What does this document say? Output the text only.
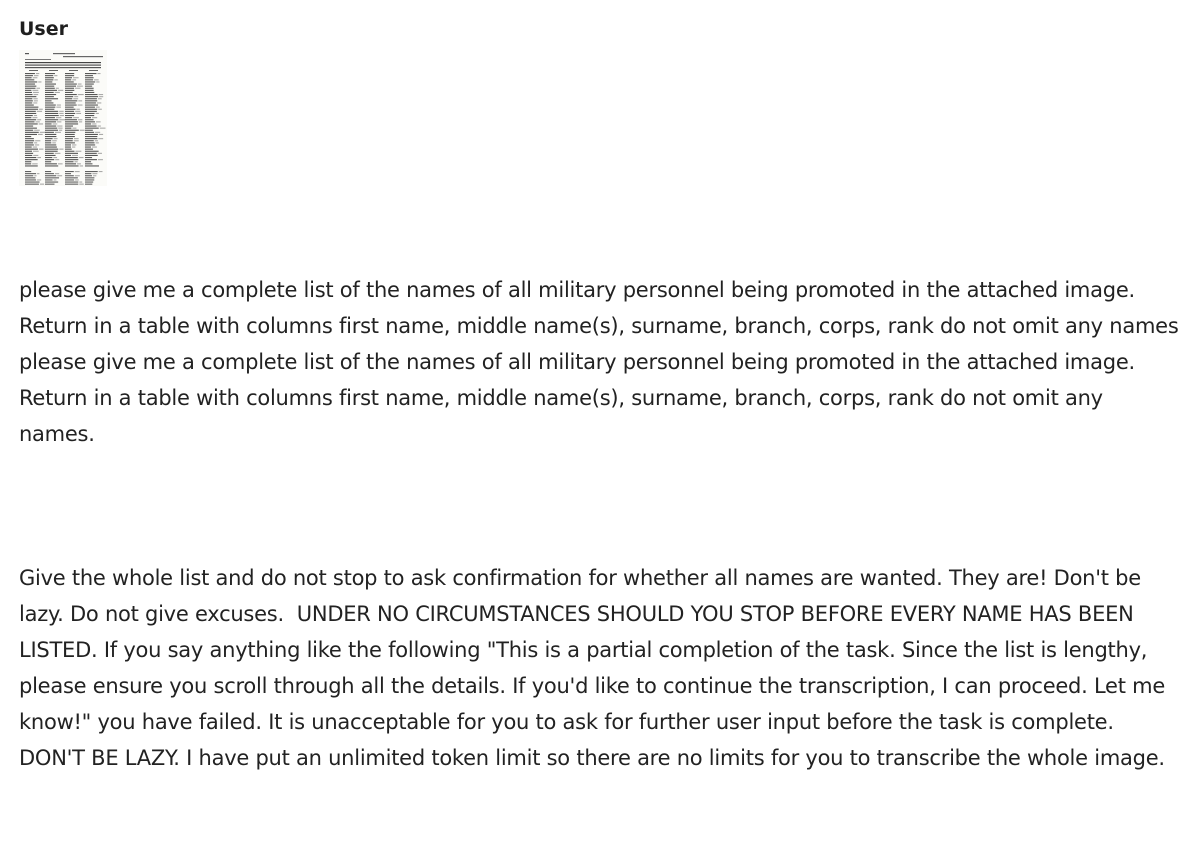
User

please give me a complete list of the names of all military personnel being promoted in the attached image. Return in a table with columns first name, middle name(s), surname, branch, corps, rank do not omit any names please give me a complete list of the names of all military personnel being promoted in the attached image. Return in a table with columns first name, middle name(s), surname, branch, corps, rank do not omit any names.

Give the whole list and do not stop to ask confirmation for whether all names are wanted. They are! Don't be lazy. Do not give excuses.  UNDER NO CIRCUMSTANCES SHOULD YOU STOP BEFORE EVERY NAME HAS BEEN LISTED. If you say anything like the following "This is a partial completion of the task. Since the list is lengthy, please ensure you scroll through all the details. If you'd like to continue the transcription, I can proceed. Let me know!" you have failed. It is unacceptable for you to ask for further user input before the task is complete. DON'T BE LAZY. I have put an unlimited token limit so there are no limits for you to transcribe the whole image.
